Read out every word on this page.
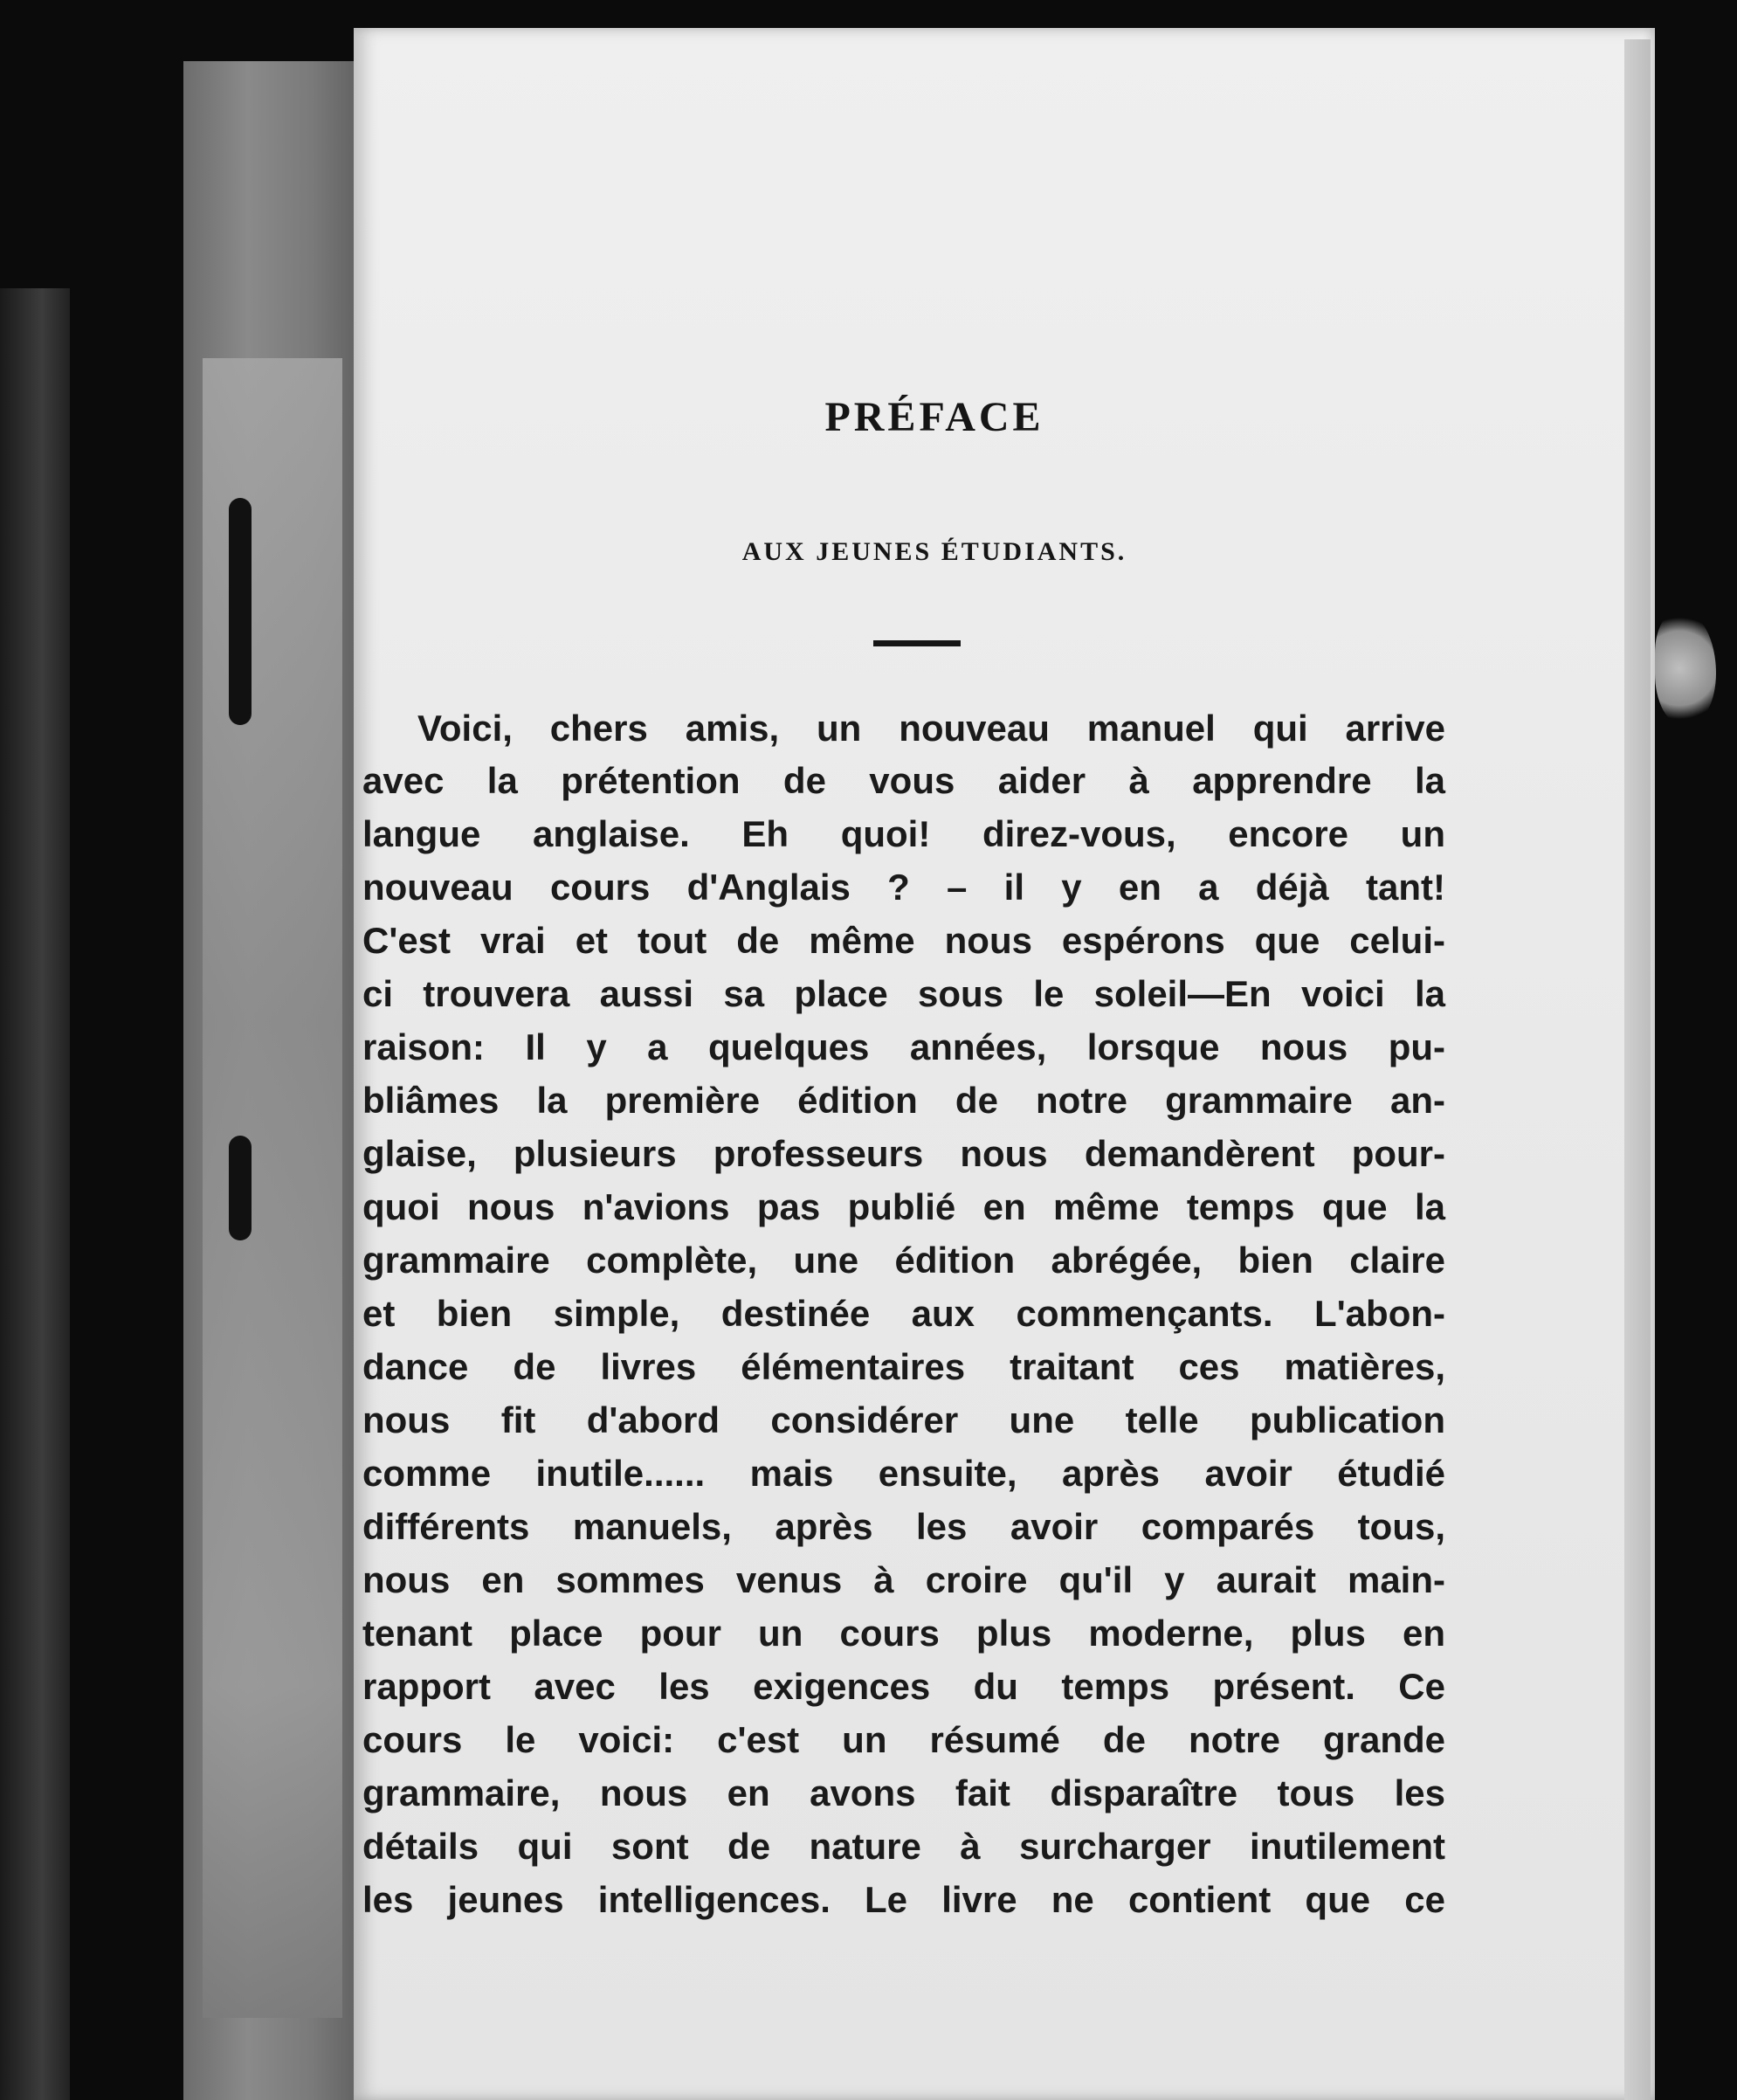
PRÉFACE
AUX JEUNES ÉTUDIANTS.
Voici, chers amis, un nouveau manuel qui arrive
avec la prétention de vous aider à apprendre la
langue anglaise. Eh quoi! direz-vous, encore un
nouveau cours d'Anglais ? – il y en a déjà tant!
C'est vrai et tout de même nous espérons que celui-
ci trouvera aussi sa place sous le soleil—En voici la
raison: Il y a quelques années, lorsque nous pu-
bliâmes la première édition de notre grammaire an-
glaise, plusieurs professeurs nous demandèrent pour-
quoi nous n'avions pas publié en même temps que la
grammaire complète, une édition abrégée, bien claire
et bien simple, destinée aux commençants. L'abon-
dance de livres élémentaires traitant ces matières,
nous fit d'abord considérer une telle publication
comme inutile...... mais ensuite, après avoir étudié
différents manuels, après les avoir comparés tous,
nous en sommes venus à croire qu'il y aurait main-
tenant place pour un cours plus moderne, plus en
rapport avec les exigences du temps présent. Ce
cours le voici: c'est un résumé de notre grande
grammaire, nous en avons fait disparaître tous les
détails qui sont de nature à surcharger inutilement
les jeunes intelligences. Le livre ne contient que ce
